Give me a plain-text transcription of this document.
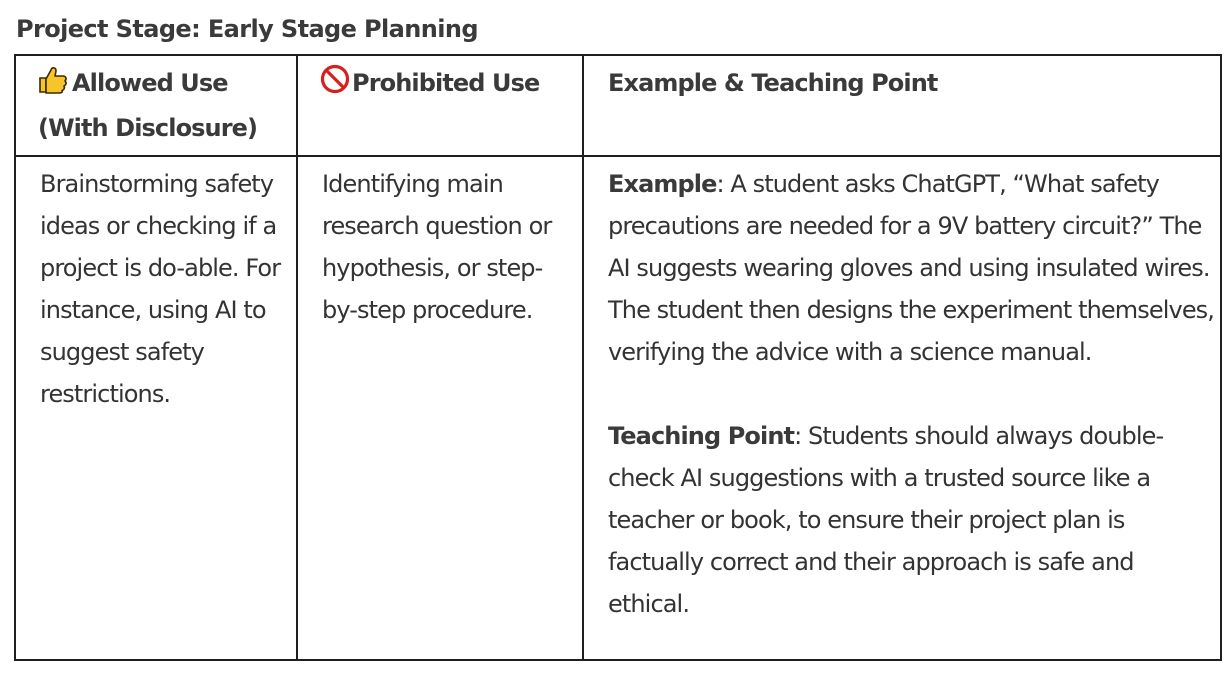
Project Stage: Early Stage Planning
Allowed Use (With Disclosure)	Prohibited Use	Example & Teaching Point

Brainstorming safety ideas or checking if a project is do-able. For instance, using AI to suggest safety restrictions.	Identifying main research question or hypothesis, or step-by-step procedure.	Example: A student asks ChatGPT, “What safety precautions are needed for a 9V battery circuit?” The AI suggests wearing gloves and using insulated wires. The student then designs the experiment themselves, verifying the advice with a science manual.
Teaching Point: Students should always double-check AI suggestions with a trusted source like a teacher or book, to ensure their project plan is factually correct and their approach is safe and ethical.
